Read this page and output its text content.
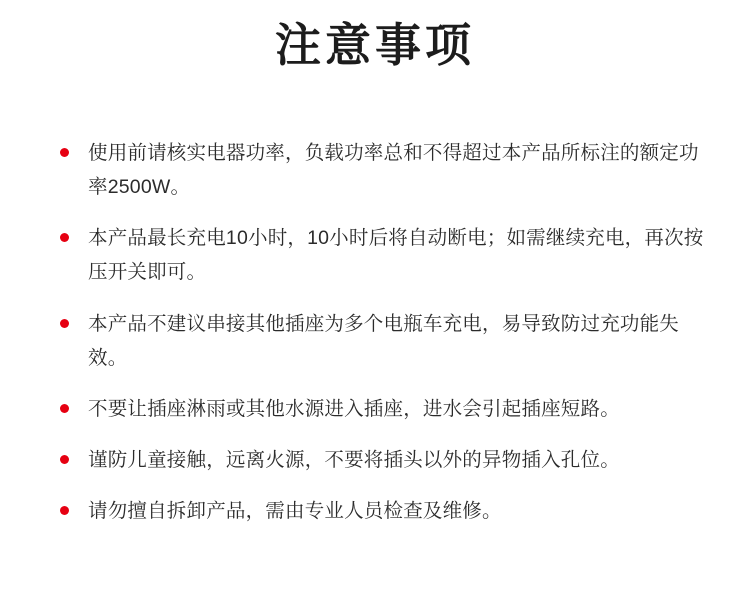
注意事项
使用前请核实电器功率，负载功率总和不得超过本产品所标注的额定功率2500W。
本产品最长充电10小时，10小时后将自动断电；如需继续充电，再次按压开关即可。
本产品不建议串接其他插座为多个电瓶车充电，易导致防过充功能失效。
不要让插座淋雨或其他水源进入插座，进水会引起插座短路。
谨防儿童接触，远离火源，不要将插头以外的异物插入孔位。
请勿擅自拆卸产品，需由专业人员检查及维修。
